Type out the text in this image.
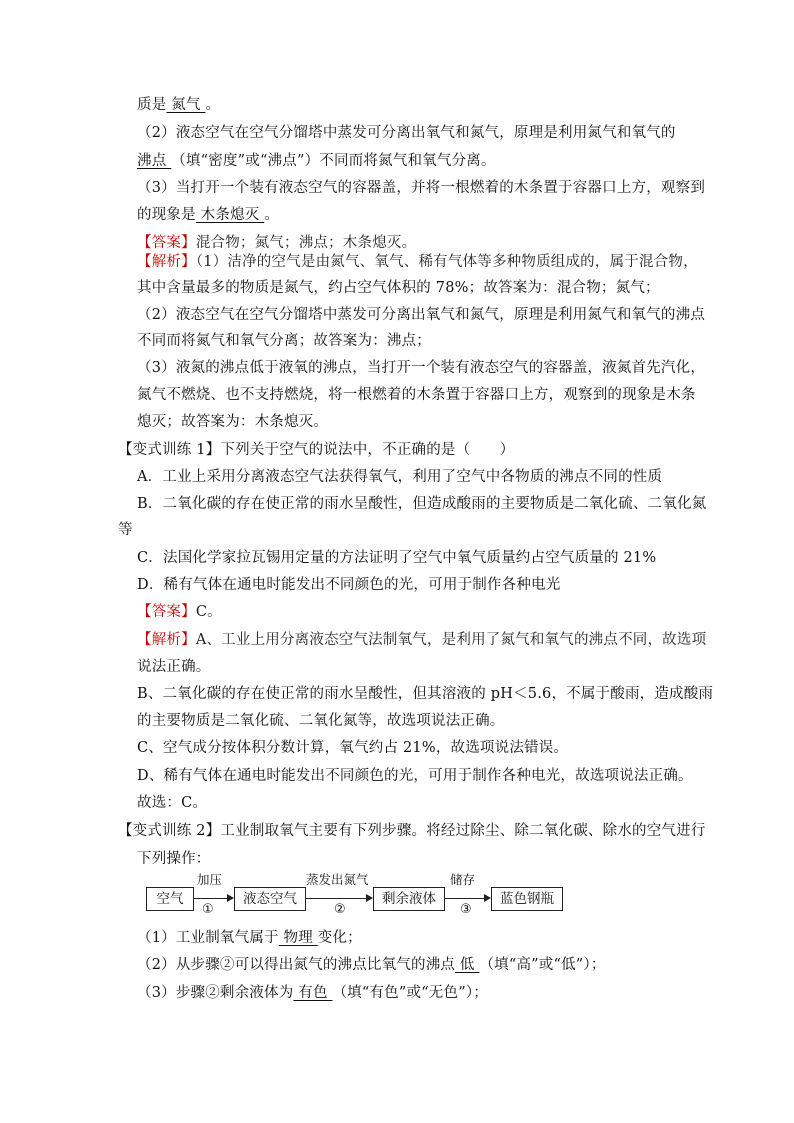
质是 氮气 。
（2）液态空气在空气分馏塔中蒸发可分离出氧气和氮气，原理是利用氮气和氧气的
沸点 （填“密度”或“沸点”）不同而将氮气和氧气分离。
（3）当打开一个装有液态空气的容器盖，并将一根燃着的木条置于容器口上方，观察到
的现象是 木条熄灭 。
【答案】混合物；氮气；沸点；木条熄灭。
【解析】（1）洁净的空气是由氮气、氧气、稀有气体等多种物质组成的，属于混合物，
其中含量最多的物质是氮气，约占空气体积的 78%；故答案为：混合物；氮气；
（2）液态空气在空气分馏塔中蒸发可分离出氧气和氮气，原理是利用氮气和氧气的沸点
不同而将氮气和氧气分离；故答案为：沸点；
（3）液氮的沸点低于液氧的沸点，当打开一个装有液态空气的容器盖，液氮首先汽化，
氮气不燃烧、也不支持燃烧，将一根燃着的木条置于容器口上方，观察到的现象是木条
熄灭；故答案为：木条熄灭。
【变式训练 1】下列关于空气的说法中，不正确的是（　　）
A．工业上采用分离液态空气法获得氧气，利用了空气中各物质的沸点不同的性质
B．二氧化碳的存在使正常的雨水呈酸性，但造成酸雨的主要物质是二氧化硫、二氧化氮
等
C．法国化学家拉瓦锡用定量的方法证明了空气中氧气质量约占空气质量的 21%
D．稀有气体在通电时能发出不同颜色的光，可用于制作各种电光
【答案】C。
【解析】A、工业上用分离液态空气法制氧气，是利用了氮气和氧气的沸点不同，故选项
说法正确。
B、二氧化碳的存在使正常的雨水呈酸性，但其溶液的 pH＜5.6，不属于酸雨，造成酸雨
的主要物质是二氧化硫、二氧化氮等，故选项说法正确。
C、空气成分按体积分数计算，氧气约占 21%，故选项说法错误。
D、稀有气体在通电时能发出不同颜色的光，可用于制作各种电光，故选项说法正确。
故选：C。
【变式训练 2】工业制取氧气主要有下列步骤。将经过除尘、除二氧化碳、除水的空气进行
下列操作：
空气
加压
①
液态空气
蒸发出氮气
②
剩余液体
储存
③
蓝色钢瓶
（1）工业制氧气属于 物理 变化；
（2）从步骤②可以得出氮气的沸点比氧气的沸点 低 （填“高”或“低”）；
（3）步骤②剩余液体为 有色 （填“有色”或“无色”）；
